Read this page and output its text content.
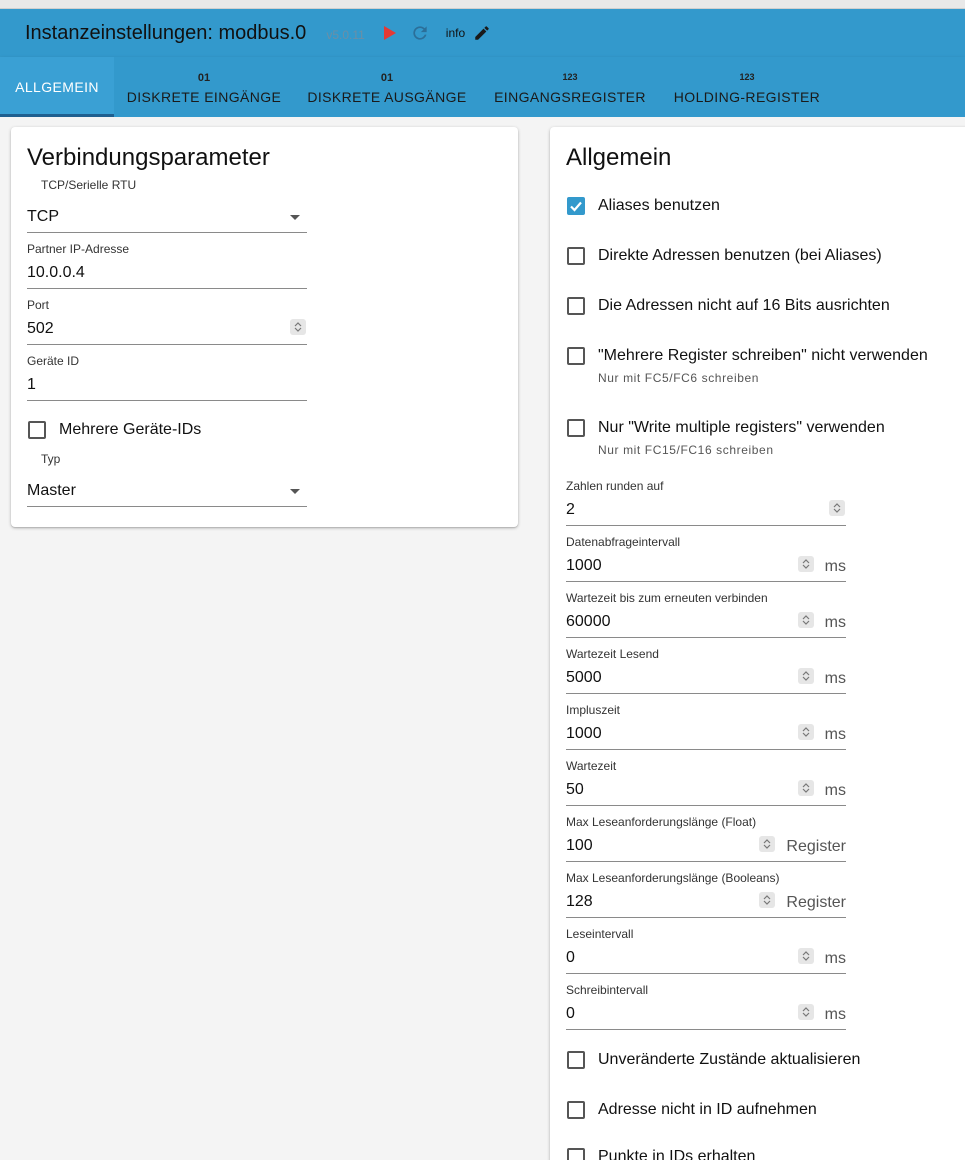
Instanzeinstellungen: modbus.0 v5.0.11	info
ALLGEMEIN
01
DISKRETE EINGÄNGE
01
DISKRETE AUSGÄNGE
123
EINGANGSREGISTER
123
HOLDING-REGISTER
Verbindungsparameter
TCP/Serielle RTU
TCP
Partner IP-Adresse
10.0.0.4
Port
502
Geräte ID
1
Mehrere Geräte-IDs
Typ
Master
Allgemein
Aliases benutzen
Direkte Adressen benutzen (bei Aliases)
Die Adressen nicht auf 16 Bits ausrichten
"Mehrere Register schreiben" nicht verwenden
Nur mit FC5/FC6 schreiben
Nur "Write multiple registers" verwenden
Nur mit FC15/FC16 schreiben
Zahlen runden auf
2
Datenabfrageintervall
1000	ms
Wartezeit bis zum erneuten verbinden
60000	ms
Wartezeit Lesend
5000	ms
Impluszeit
1000	ms
Wartezeit
50	ms
Max Leseanforderungslänge (Float)
100	Register
Max Leseanforderungslänge (Booleans)
128	Register
Leseintervall
0	ms
Schreibintervall
0	ms
Unveränderte Zustände aktualisieren
Adresse nicht in ID aufnehmen
Punkte in IDs erhalten
